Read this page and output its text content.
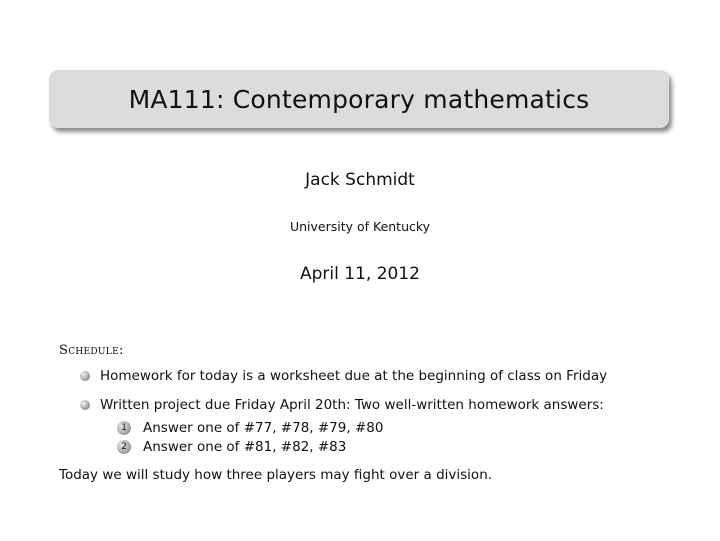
MA111: Contemporary mathematics
Jack Schmidt
University of Kentucky
April 11, 2012
Schedule:
Homework for today is a worksheet due at the beginning of class on Friday
Written project due Friday April 20th: Two well-written homework answers:
1	Answer one of #77, #78, #79, #80
2	Answer one of #81, #82, #83
Today we will study how three players may fight over a division.
